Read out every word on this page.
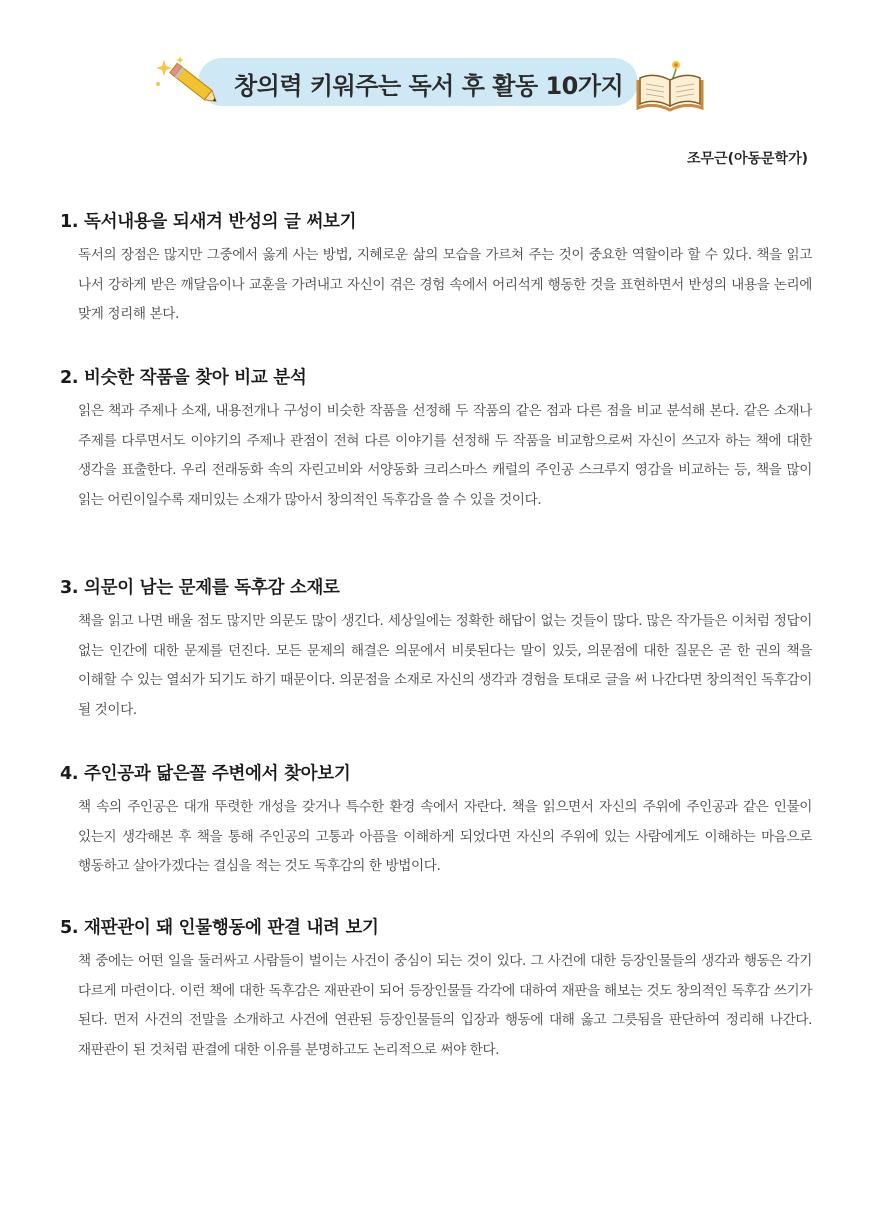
창의력 키워주는 독서 후 활동 10가지
조무근(아동문학가)
1. 독서내용을 되새겨 반성의 글 써보기

독서의 장점은 많지만 그중에서 옳게 사는 방법, 지혜로운 삶의 모습을 가르쳐 주는 것이 중요한 역할이라 할 수 있다. 책을 읽고 나서 강하게 받은 깨달음이나 교훈을 가려내고 자신이 겪은 경험 속에서 어리석게 행동한 것을 표현하면서 반성의 내용을 논리에 맞게 정리해 본다.

2. 비슷한 작품을 찾아 비교 분석

읽은 책과 주제나 소재, 내용전개나 구성이 비슷한 작품을 선정해 두 작품의 같은 점과 다른 점을 비교 분석해 본다. 같은 소재나 주제를 다루면서도 이야기의 주제나 관점이 전혀 다른 이야기를 선정해 두 작품을 비교함으로써 자신이 쓰고자 하는 책에 대한 생각을 표출한다. 우리 전래동화 속의 자린고비와 서양동화 크리스마스 캐럴의 주인공 스크루지 영감을 비교하는 등, 책을 많이 읽는 어린이일수록 재미있는 소재가 많아서 창의적인 독후감을 쓸 수 있을 것이다.

3. 의문이 남는 문제를 독후감 소재로

책을 읽고 나면 배울 점도 많지만 의문도 많이 생긴다. 세상일에는 정확한 해답이 없는 것들이 많다. 많은 작가들은 이처럼 정답이 없는 인간에 대한 문제를 던진다. 모든 문제의 해결은 의문에서 비롯된다는 말이 있듯, 의문점에 대한 질문은 곧 한 권의 책을 이해할 수 있는 열쇠가 되기도 하기 때문이다. 의문점을 소재로 자신의 생각과 경험을 토대로 글을 써 나간다면 창의적인 독후감이 될 것이다.

4. 주인공과 닮은꼴 주변에서 찾아보기

책 속의 주인공은 대개 뚜렷한 개성을 갖거나 특수한 환경 속에서 자란다. 책을 읽으면서 자신의 주위에 주인공과 같은 인물이 있는지 생각해본 후 책을 통해 주인공의 고통과 아픔을 이해하게 되었다면 자신의 주위에 있는 사람에게도 이해하는 마음으로 행동하고 살아가겠다는 결심을 적는 것도 독후감의 한 방법이다.

5. 재판관이 돼 인물행동에 판결 내려 보기

책 중에는 어떤 일을 둘러싸고 사람들이 벌이는 사건이 중심이 되는 것이 있다. 그 사건에 대한 등장인물들의 생각과 행동은 각기 다르게 마련이다. 이런 책에 대한 독후감은 재판관이 되어 등장인물들 각각에 대하여 재판을 해보는 것도 창의적인 독후감 쓰기가 된다. 먼저 사건의 전말을 소개하고 사건에 연관된 등장인물들의 입장과 행동에 대해 옳고 그릇됨을 판단하여 정리해 나간다. 재판관이 된 것처럼 판결에 대한 이유를 분명하고도 논리적으로 써야 한다.
